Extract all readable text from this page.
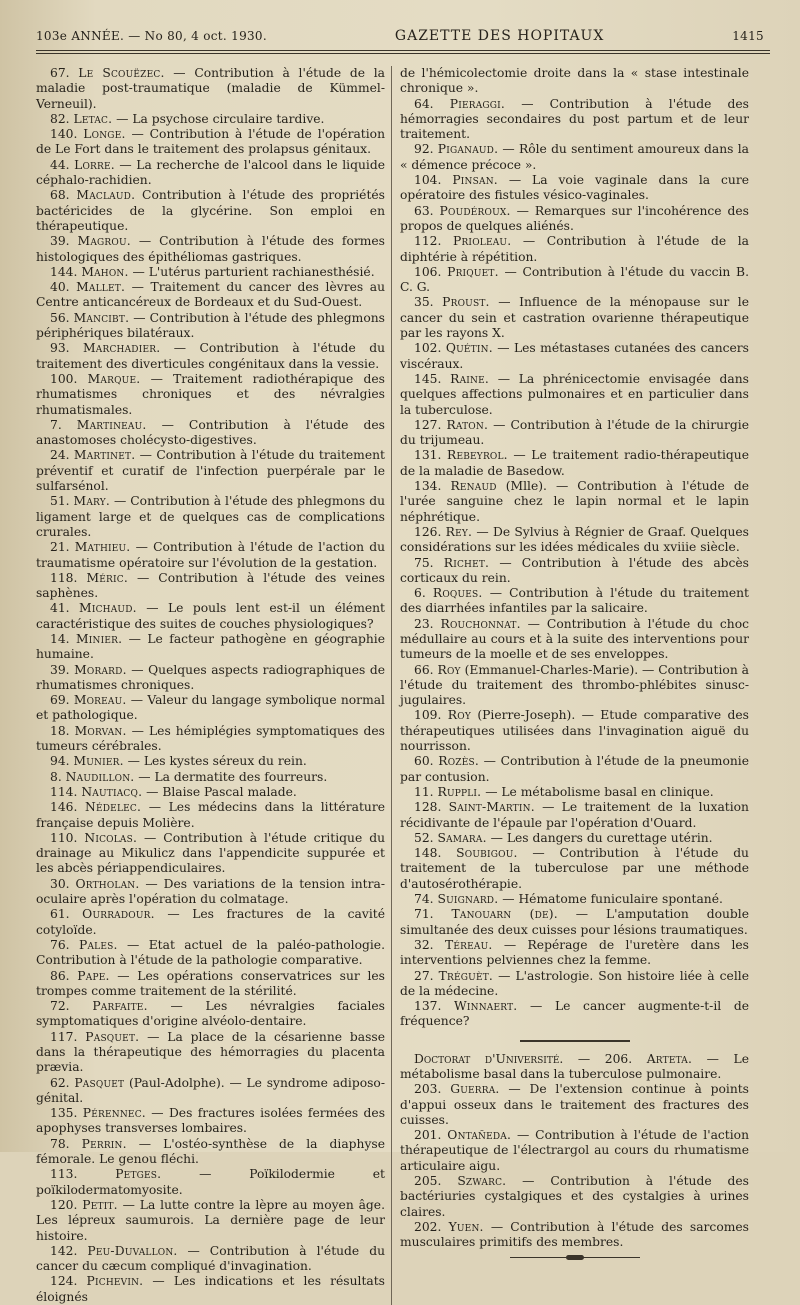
103e ANNÉE. — No 80, 4 oct. 1930.	GAZETTE DES HOPITAUX	1415

67. Le Scouëzec. — Contribution à l'étude de la maladie post-traumatique (maladie de Kümmel-Verneuil).

82. Letac. — La psychose circulaire tardive.

140. Longe. — Contribution à l'étude de l'opération de Le Fort dans le traitement des prolapsus génitaux.

44. Lorre. — La recherche de l'alcool dans le liquide céphalo-rachidien.

68. Maclaud. Contribution à l'étude des propriétés bactéricides de la glycérine. Son emploi en thérapeutique.

39. Magrou. — Contribution à l'étude des formes histologiques des épithéliomas gastriques.

144. Mahon. — L'utérus parturient rachianesthésié.

40. Mallet. — Traitement du cancer des lèvres au Centre anticancéreux de Bordeaux et du Sud-Ouest.

56. Mancibt. — Contribution à l'étude des phlegmons périphériques bilatéraux.

93. Marchadier. — Contribution à l'étude du traitement des diverticules congénitaux dans la vessie.

100. Marque. — Traitement radiothérapique des rhumatismes chroniques et des névralgies rhumatismales.

7. Martineau. — Contribution à l'étude des anastomoses cholécysto-digestives.

24. Martinet. — Contribution à l'étude du traitement préventif et curatif de l'infection puerpérale par le sulfarsénol.

51. Mary. — Contribution à l'étude des phlegmons du ligament large et de quelques cas de complications crurales.

21. Mathieu. — Contribution à l'étude de l'action du traumatisme opératoire sur l'évolution de la gestation.

118. Méric. — Contribution à l'étude des veines saphènes.

41. Michaud. — Le pouls lent est-il un élément caractéristique des suites de couches physiologiques?

14. Minier. — Le facteur pathogène en géographie humaine.

39. Morard. — Quelques aspects radiographiques de rhumatismes chroniques.

69. Moreau. — Valeur du langage symbolique normal et pathologique.

18. Morvan. — Les hémiplégies symptomatiques des tumeurs cérébrales.

94. Munier. — Les kystes séreux du rein.

8. Naudillon. — La dermatite des fourreurs.

114. Nautiacq. — Blaise Pascal malade.

146. Nédelec. — Les médecins dans la littérature française depuis Molière.

110. Nicolas. — Contribution à l'étude critique du drainage au Mikulicz dans l'appendicite suppurée et les abcès périappendiculaires.

30. Ortholan. — Des variations de la tension intra-oculaire après l'opération du colmatage.

61. Ourradour. — Les fractures de la cavité cotyloïde.

76. Pales. — Etat actuel de la paléo-pathologie. Contribution à l'étude de la pathologie comparative.

86. Pape. — Les opérations conservatrices sur les trompes comme traitement de la stérilité.

72. Parfaite. — Les névralgies faciales symptomatiques d'origine alvéolo-dentaire.

117. Pasquet. — La place de la césarienne basse dans la thérapeutique des hémorragies du placenta prævia.

62. Pasquet (Paul-Adolphe). — Le syndrome adiposo-génital.

135. Pérennec. — Des fractures isolées fermées des apophyses transverses lombaires.

78. Perrin. — L'ostéo-synthèse de la diaphyse fémorale. Le genou fléchi.

113.	Petges. — Poïkilodermie et poïkilodermatomyosite.

120. Petit. — La lutte contre la lèpre au moyen âge. Les lépreux saumurois. La dernière page de leur histoire.

142. Peu-Duvallon. — Contribution à l'étude du cancer du cæcum compliqué d'invagination.

124. Pichevin. — Les indications et les résultats éloignés

de l'hémicolectomie droite dans la « stase intestinale chronique ».

64. Pieraggi. — Contribution à l'étude des hémorragies secondaires du post partum et de leur traitement.

92. Piganaud. — Rôle du sentiment amoureux dans la « démence précoce ».

104. Pinsan. — La voie vaginale dans la cure opératoire des fistules vésico-vaginales.

63. Poudéroux. — Remarques sur l'incohérence des propos de quelques aliénés.

112. Prioleau. — Contribution à l'étude de la diphtérie à répétition.

106. Priquet. — Contribution à l'étude du vaccin B. C. G.

35. Proust. — Influence de la ménopause sur le cancer du sein et castration ovarienne thérapeutique par les rayons X.

102. Quétin. — Les métastases cutanées des cancers viscéraux.

145. Raine. — La phrénicectomie envisagée dans quelques affections pulmonaires et en particulier dans la tuberculose.

127. Raton. — Contribution à l'étude de la chirurgie du trijumeau.

131. Rebeyrol. — Le traitement radio-thérapeutique de la maladie de Basedow.

134. Renaud (Mlle). — Contribution à l'étude de l'urée sanguine chez le lapin normal et le lapin néphrétique.

126. Rey. — De Sylvius à Régnier de Graaf. Quelques considérations sur les idées médicales du xviiie siècle.

75. Richet. — Contribution à l'étude des abcès corticaux du rein.

6. Roques. — Contribution à l'étude du traitement des diarrhées infantiles par la salicaire.

23. Rouchonnat. — Contribution à l'étude du choc médullaire au cours et à la suite des interventions pour tumeurs de la moelle et de ses enveloppes.

66. Roy (Emmanuel-Charles-Marie). — Contribution à l'étude du traitement des thrombo-phlébites sinusc-jugulaires.

109. Roy (Pierre-Joseph). — Etude comparative des thérapeutiques utilisées dans l'invagination aiguë du nourrisson.

60. Rozès. — Contribution à l'étude de la pneumonie par contusion.

11. Ruppli. — Le métabolisme basal en clinique.

128. Saint-Martin. — Le traitement de la luxation récidivante de l'épaule par l'opération d'Ouard.

52. Samara. — Les dangers du curettage utérin.

148. Soubigou. — Contribution à l'étude du traitement de la tuberculose par une méthode d'autosérothérapie.

74. Suignard. — Hématome funiculaire spontané.

71. Tanouarn (de). — L'amputation double simultanée des deux cuisses pour lésions traumatiques.

32. Téreau. — Repérage de l'uretère dans les interventions pelviennes chez la femme.

27. Tréguèt. — L'astrologie. Son histoire liée à celle de la médecine.

137. Winnaert. — Le cancer augmente-t-il de fréquence?

Doctorat d'Université. — 206. Arteta. — Le métabolisme basal dans la tuberculose pulmonaire.

203. Guerra. — De l'extension continue à points d'appui osseux dans le traitement des fractures des cuisses.

201. Ontañeda. — Contribution à l'étude de l'action thérapeutique de l'électrargol au cours du rhumatisme articulaire aigu.

205. Szwarc. — Contribution à l'étude des bactériuries cystalgiques et des cystalgies à urines claires.

202. Yuen. — Contribution à l'étude des sarcomes musculaires primitifs des membres.
